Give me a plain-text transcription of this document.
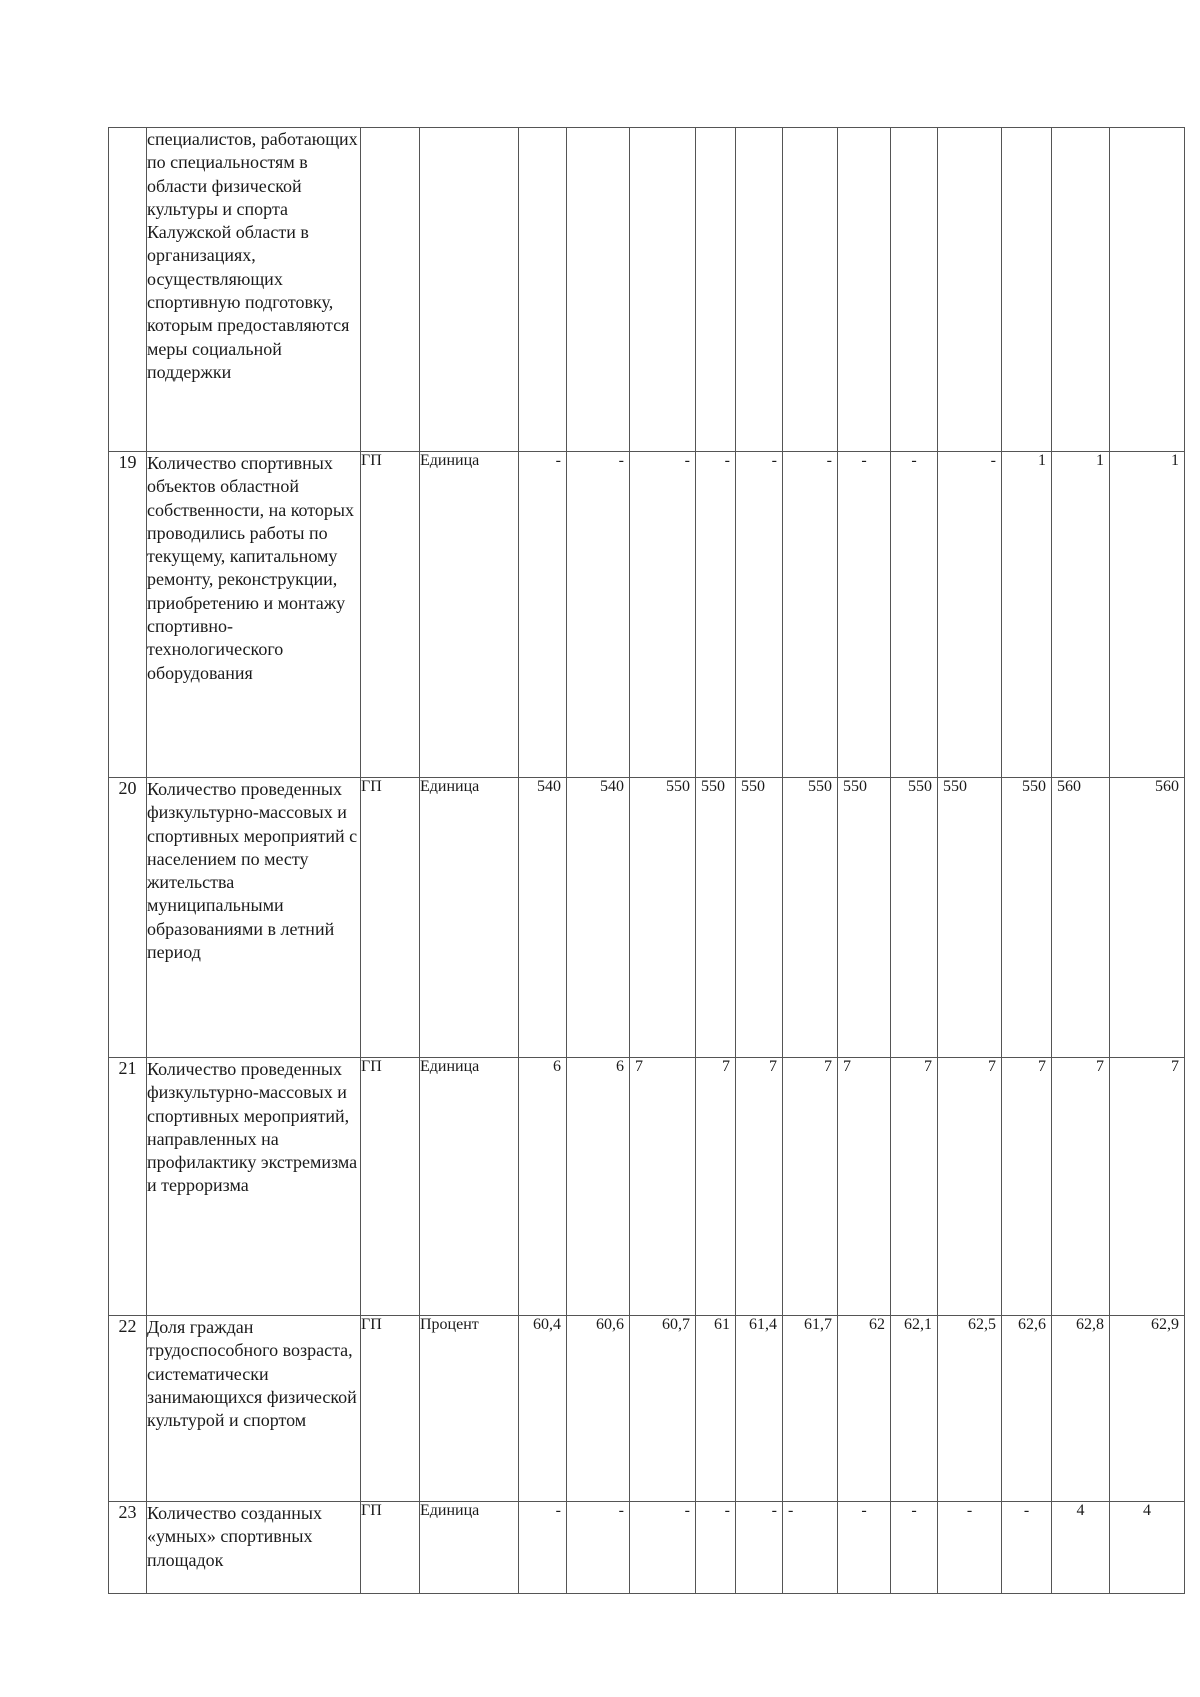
	специалистов, работающих по специальностям в области физической культуры и спорта Калужской области в организациях, осуществляющих спортивную подготовку, которым предоставляются меры социальной поддержки														
19	Количество спортивных объектов областной собственности, на которых проводились работы по текущему, капитальному ремонту, реконструкции, приобретению и монтажу спортивно-технологического оборудования	ГП	Единица	-	-	-	-	-	-	-	-	-	1	1	1
20	Количество проведенных физкультурно-массовых и спортивных мероприятий с населением по месту жительства муниципальными образованиями в летний период	ГП	Единица	540	540	550	550	550	550	550	550	550	550	560	560
21	Количество проведенных физкультурно-массовых и спортивных мероприятий, направленных на профилактику экстремизма и терроризма	ГП	Единица	6	6	7	7	7	7	7	7	7	7	7	7
22	Доля граждан трудоспособного возраста, систематически занимающихся физической культурой и спортом	ГП	Процент	60,4	60,6	60,7	61	61,4	61,7	62	62,1	62,5	62,6	62,8	62,9
23	Количество созданных «умных» спортивных площадок	ГП	Единица	-	-	-	-	-	-	-	-	-	-	4	4
